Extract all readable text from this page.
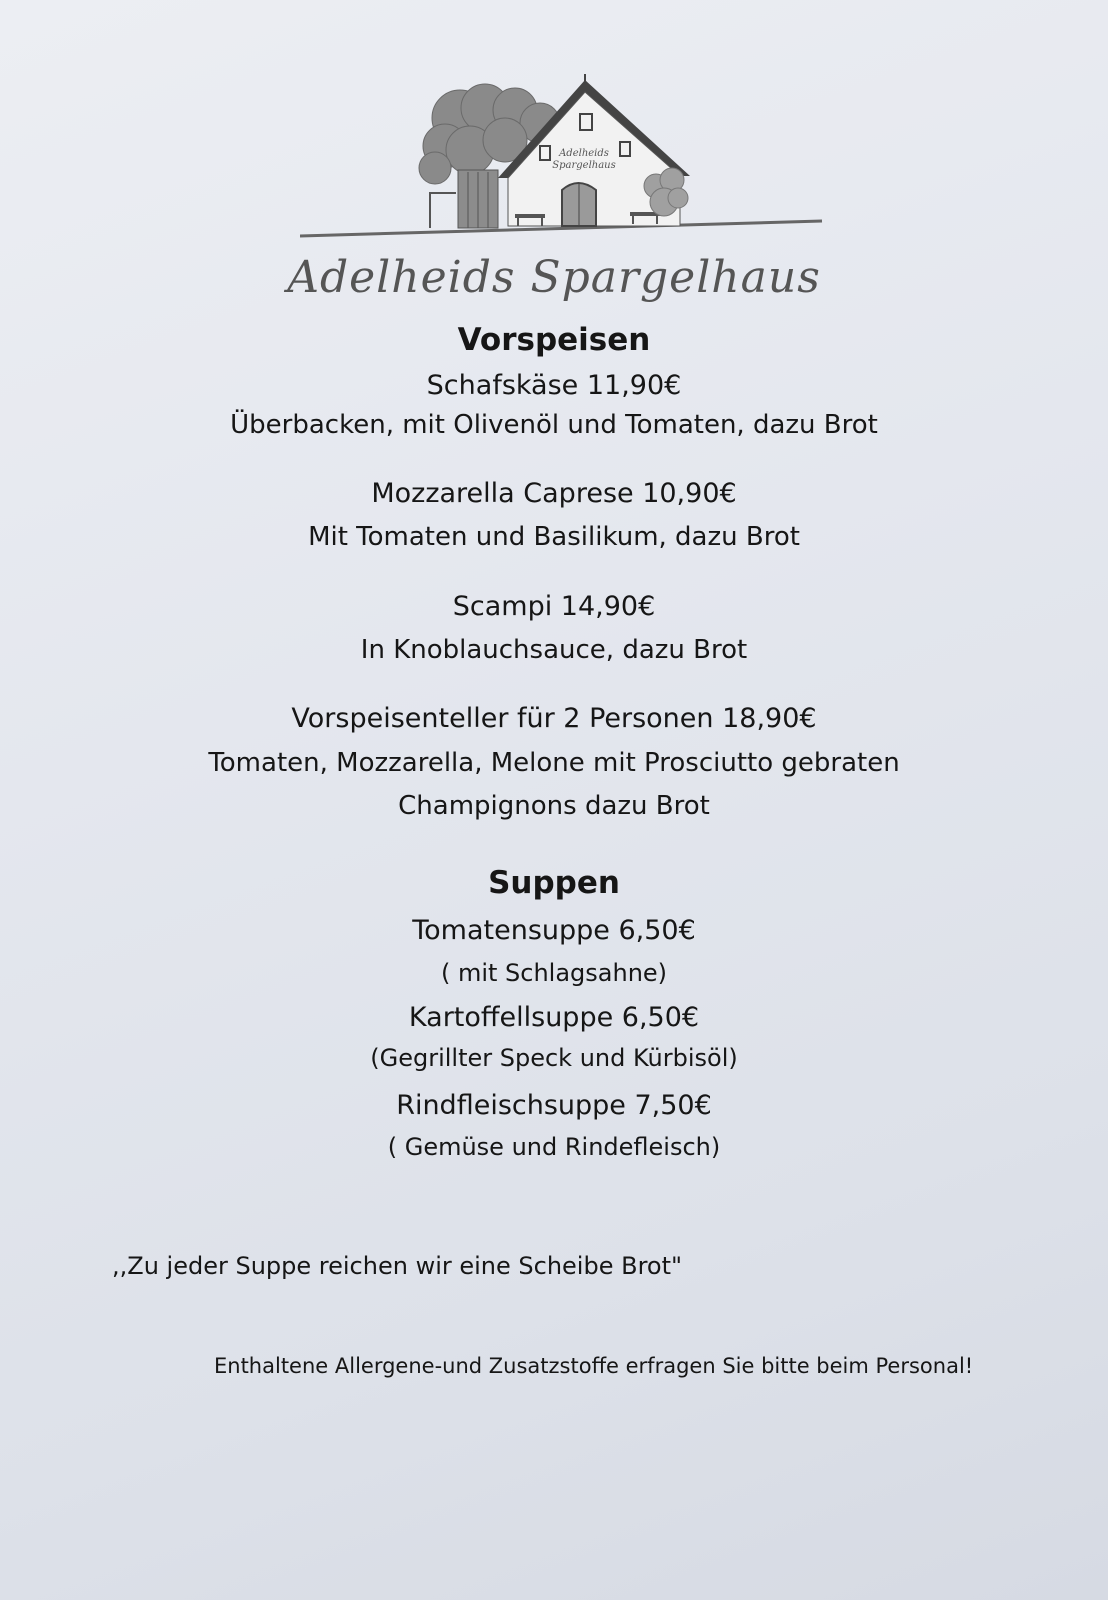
Adelheids
Spargelhaus
Adelheids Spargelhaus
Vorspeisen
Schafskäse 11,90€
Überbacken, mit Olivenöl und Tomaten, dazu Brot
Mozzarella Caprese 10,90€
Mit Tomaten und Basilikum, dazu Brot
Scampi 14,90€
In Knoblauchsauce, dazu Brot
Vorspeisenteller für 2 Personen 18,90€
Tomaten, Mozzarella, Melone mit Prosciutto gebraten
Champignons dazu Brot
Suppen
Tomatensuppe 6,50€
( mit Schlagsahne)
Kartoffellsuppe 6,50€
(Gegrillter Speck und Kürbisöl)
Rindfleischsuppe 7,50€
( Gemüse und Rindefleisch)
,,Zu jeder Suppe reichen wir eine Scheibe Brot"
Enthaltene Allergene-und Zusatzstoffe erfragen Sie bitte beim Personal!
